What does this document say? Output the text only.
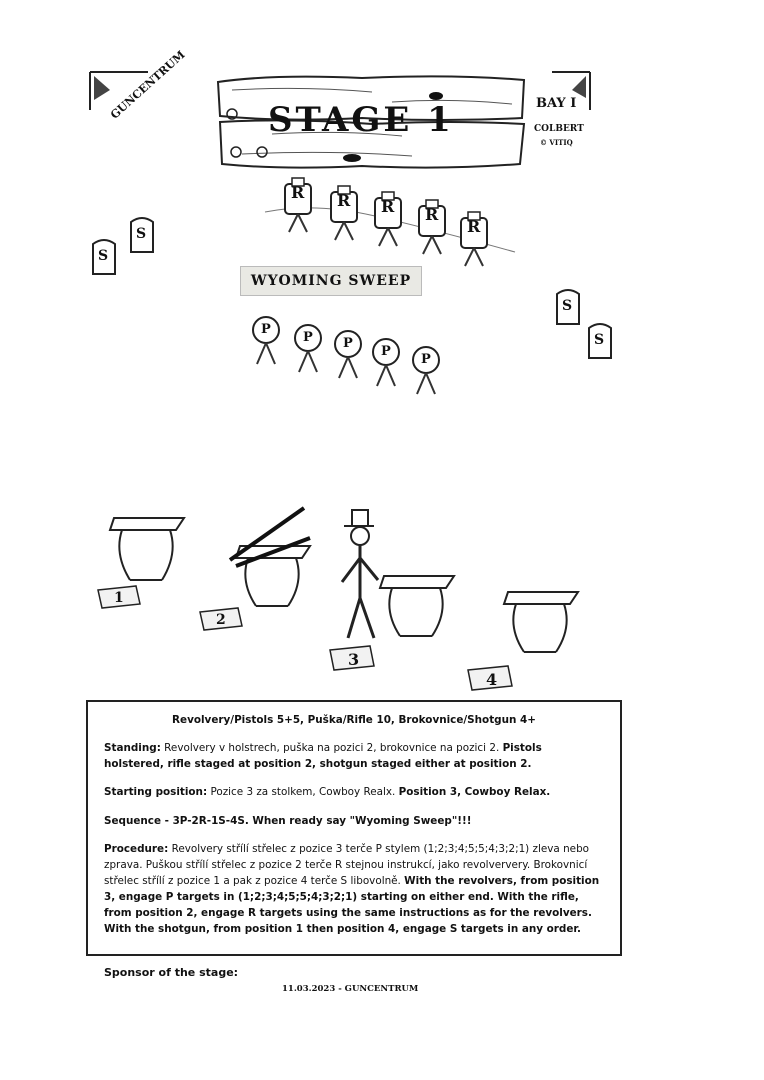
STAGE 1
GUNCENTRUM	BAY I
COLBERT
© VITIQ
R R R R
R
S
S
S
S
WYOMING SWEEP
P
P P
P
P
1
2
3
4

Revolvery/Pistols 5+5, Puška/Rifle 10, Brokovnice/Shotgun 4+

Standing: Revolvery v holstrech, puška na pozici 2, brokovnice na pozici 2. Pistols holstered, rifle staged at position 2, shotgun staged either at position 2.

Starting position: Pozice 3 za stolkem, Cowboy Realx. Position 3, Cowboy Relax.

Sequence - 3P-2R-1S-4S. When ready say "Wyoming Sweep"!!!

Procedure: Revolvery střílí střelec z pozice 3 terče P stylem (1;2;3;4;5;5;4;3;2;1) zleva nebo zprava. Puškou střílí střelec z pozice 2 terče R stejnou instrukcí, jako revolververy. Brokovnicí střelec střílí z pozice 1 a pak z pozice 4 terče S libovolně. With the revolvers, from position 3, engage P targets in (1;2;3;4;5;5;4;3;2;1) starting on either end. With the rifle, from position 2, engage R targets using the same instructions as for the revolvers. With the shotgun, from position 1 then position 4, engage S targets in any order.

Sponsor of the stage:
11.03.2023 - GUNCENTRUM
